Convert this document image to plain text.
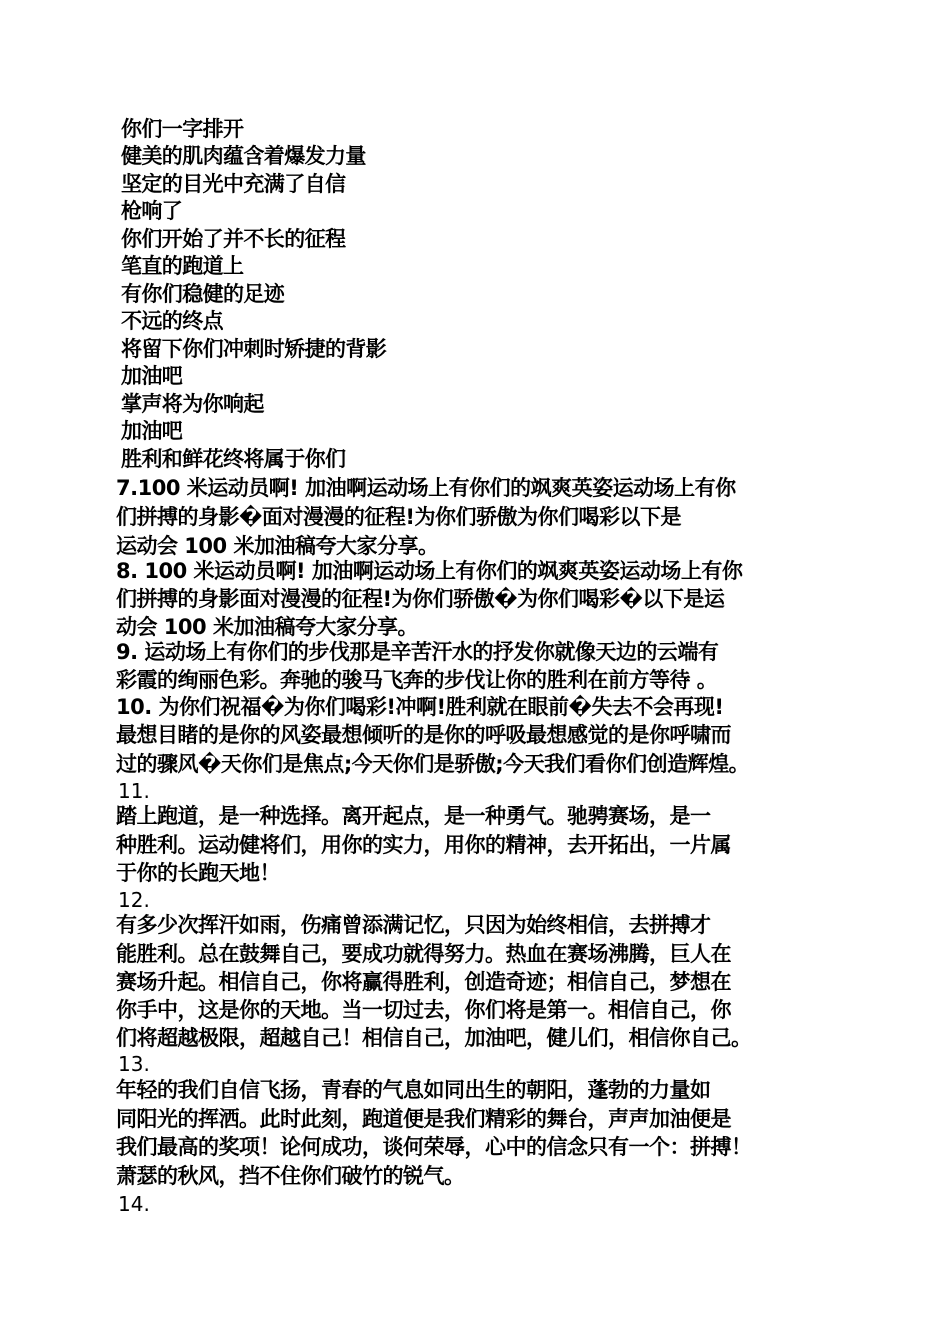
你们一字排开
健美的肌肉蕴含着爆发力量
坚定的目光中充满了自信
枪响了
你们开始了并不长的征程
笔直的跑道上
有你们稳健的足迹
不远的终点
将留下你们冲刺时矫捷的背影
加油吧
掌声将为你响起
加油吧
胜利和鲜花终将属于你们
7.100 米运动员啊! 加油啊运动场上有你们的飒爽英姿运动场上有你
们拼搏的身影�面对漫漫的征程!为你们骄傲为你们喝彩以下是
运动会 100 米加油稿夸大家分享。
8. 100 米运动员啊! 加油啊运动场上有你们的飒爽英姿运动场上有你
们拼搏的身影面对漫漫的征程!为你们骄傲�为你们喝彩�以下是运
动会 100 米加油稿夸大家分享。
9. 运动场上有你们的步伐那是辛苦汗水的抒发你就像天边的云端有
彩霞的绚丽色彩。奔驰的骏马飞奔的步伐让你的胜利在前方等待 。
10. 为你们祝福�为你们喝彩!冲啊!胜利就在眼前�失去不会再现!
最想目睹的是你的风姿最想倾听的是你的呼吸最想感觉的是你呼啸而
过的骤风�天你们是焦点;今天你们是骄傲;今天我们看你们创造辉煌。
11.
踏上跑道，是一种选择。离开起点，是一种勇气。驰骋赛场，是一
种胜利。运动健将们，用你的实力，用你的精神，去开拓出，一片属
于你的长跑天地！
12.
有多少次挥汗如雨，伤痛曾添满记忆，只因为始终相信，去拼搏才
能胜利。总在鼓舞自己，要成功就得努力。热血在赛场沸腾，巨人在
赛场升起。相信自己，你将赢得胜利，创造奇迹；相信自己，梦想在
你手中，这是你的天地。当一切过去，你们将是第一。相信自己，你
们将超越极限，超越自己！相信自己，加油吧，健儿们，相信你自己。
13.
年轻的我们自信飞扬，青春的气息如同出生的朝阳，蓬勃的力量如
同阳光的挥洒。此时此刻，跑道便是我们精彩的舞台，声声加油便是
我们最高的奖项！论何成功，谈何荣辱，心中的信念只有一个：拼搏！
萧瑟的秋风，挡不住你们破竹的锐气。
14.
